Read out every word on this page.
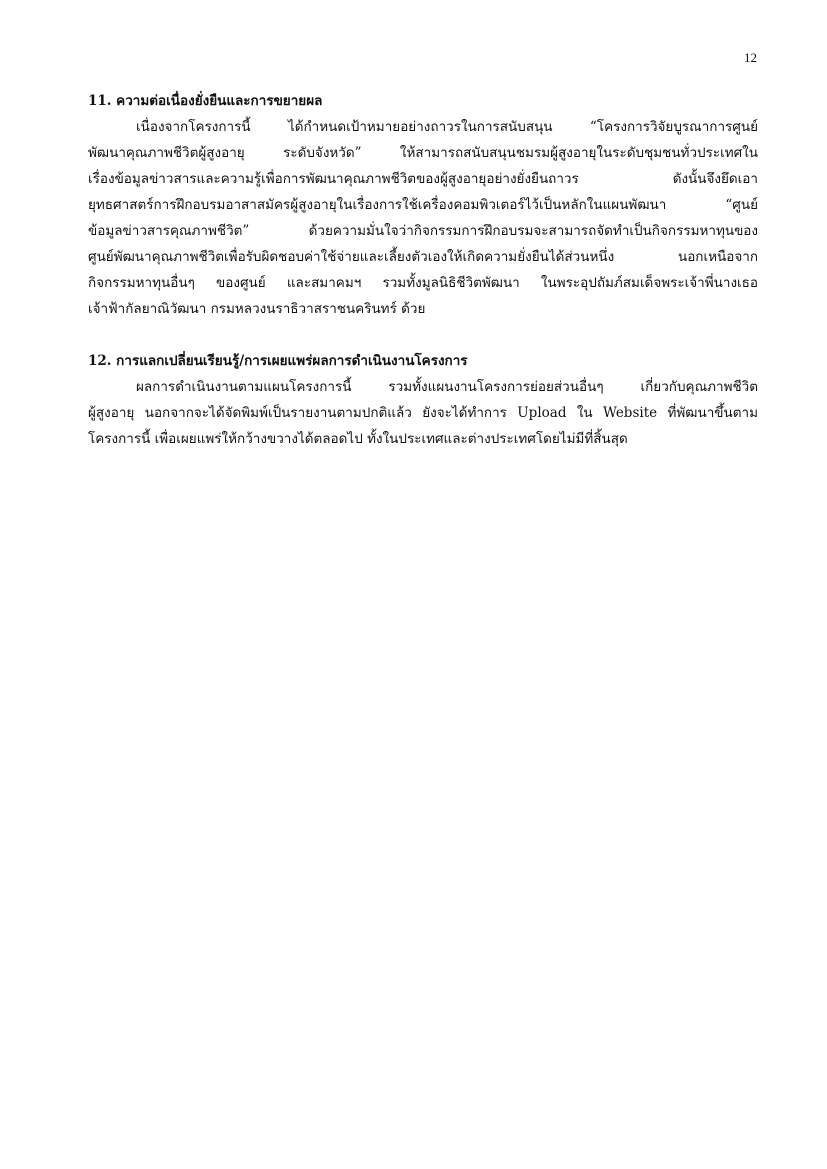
12
11. ความต่อเนื่องยั่งยืนและการขยายผล
เนื่องจากโครงการนี้ ได้กำหนดเป้าหมายอย่างถาวรในการสนับสนุน “โครงการวิจัยบูรณาการศูนย์
พัฒนาคุณภาพชีวิตผู้สูงอายุ ระดับจังหวัด” ให้สามารถสนับสนุนชมรมผู้สูงอายุในระดับชุมชนทั่วประเทศใน
เรื่องข้อมูลข่าวสารและความรู้เพื่อการพัฒนาคุณภาพชีวิตของผู้สูงอายุอย่างยั่งยืนถาวร ดังนั้นจึงยึดเอา
ยุทธศาสตร์การฝึกอบรมอาสาสมัครผู้สูงอายุในเรื่องการใช้เครื่องคอมพิวเตอร์ไว้เป็นหลักในแผนพัฒนา “ศูนย์
ข้อมูลข่าวสารคุณภาพชีวิต” ด้วยความมั่นใจว่ากิจกรรมการฝึกอบรมจะสามารถจัดทำเป็นกิจกรรมหาทุนของ
ศูนย์พัฒนาคุณภาพชีวิตเพื่อรับผิดชอบค่าใช้จ่ายและเลี้ยงตัวเองให้เกิดความยั่งยืนได้ส่วนหนึ่ง นอกเหนือจาก
กิจกรรมหาทุนอื่นๆ ของศูนย์ และสมาคมฯ รวมทั้งมูลนิธิชีวิตพัฒนา ในพระอุปถัมภ์สมเด็จพระเจ้าพี่นางเธอ
เจ้าฟ้ากัลยาณิวัฒนา กรมหลวงนราธิวาสราชนครินทร์ ด้วย
12. การแลกเปลี่ยนเรียนรู้/การเผยแพร่ผลการดำเนินงานโครงการ
ผลการดำเนินงานตามแผนโครงการนี้ รวมทั้งแผนงานโครงการย่อยส่วนอื่นๆ เกี่ยวกับคุณภาพชีวิต
ผู้สูงอายุ นอกจากจะได้จัดพิมพ์เป็นรายงานตามปกติแล้ว ยังจะได้ทำการ Upload ใน Website ที่พัฒนาขึ้นตาม
โครงการนี้ เพื่อเผยแพร่ให้กว้างขวางได้ตลอดไป ทั้งในประเทศและต่างประเทศโดยไม่มีที่สิ้นสุด
